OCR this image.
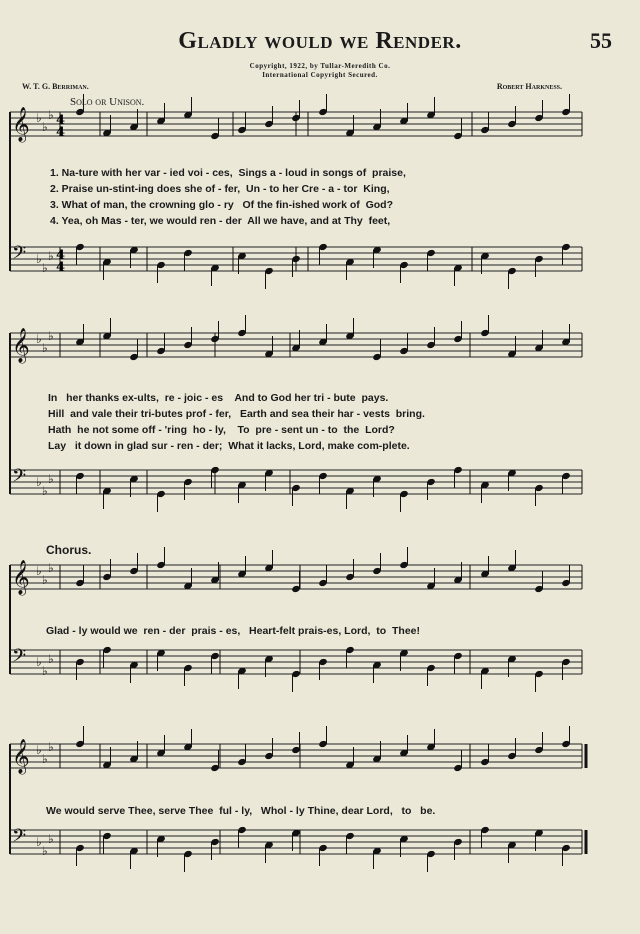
Gladly would we Render.	55
Copyright, 1922, by Tullar-Meredith Co.
International Copyright Secured.
W. T. G. Berriman.	Robert Harkness.
Solo or Unison.
𝄞 ♭
♭
♭ 4
4
𝄢 ♭
♭
♭ 4
4
𝄞 ♭
♭
♭
𝄢 ♭
♭
♭
𝄞 ♭
♭
♭
𝄢 ♭
♭
♭
𝄞 ♭
♭
♭
𝄢 ♭
♭
♭
1. Na-ture with her var - ied voi - ces,  Sings a - loud in songs of  praise,
2. Praise un-stint-ing does she of - fer,  Un - to her Cre - a - tor  King,
3. What of man, the crowning glo - ry   Of the fin-ished work of  God?
4. Yea, oh Mas - ter, we would ren - der  All we have, and at Thy  feet,
In   her thanks ex-ults,  re - joic - es    And to God her tri - bute  pays.
Hill  and vale their tri-butes prof - fer,   Earth and sea their har - vests  bring.
Hath  he not some off - 'ring  ho - ly,    To  pre - sent un - to  the  Lord?
Lay   it down in glad sur - ren - der;  What it lacks, Lord, make com-plete.
Chorus.
Glad - ly would we  ren - der  prais - es,   Heart-felt prais-es, Lord,  to  Thee!
We would serve Thee, serve Thee  ful - ly,   Whol - ly Thine, dear Lord,   to   be.
